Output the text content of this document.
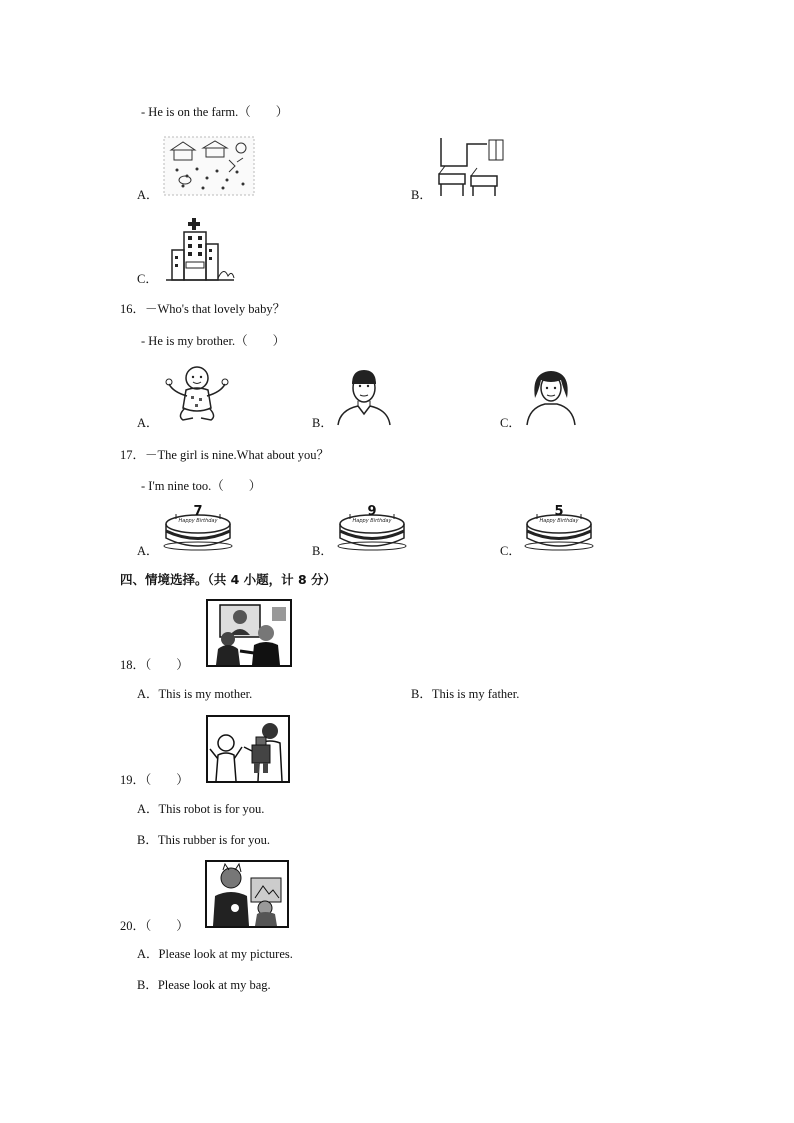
- He is on the farm.（　　）
A．	B．
C．
16．－Who's that lovely baby？
- He is my brother.（　　）
A．	B．	C．
17．－The girl is nine.What about you？
- I'm nine too.（　　）
A．
Happy Birthday
7
B．
Happy Birthday
9
C．
Happy Birthday
5
四、情境选择。（共 4 小题，计 8 分）
18．（　　）
A．This is my mother.	B．This is my father.
19．（　　）
A．This robot is for you.
B．This rubber is for you.
20．（　　）
A．Please look at my pictures.
B．Please look at my bag.
